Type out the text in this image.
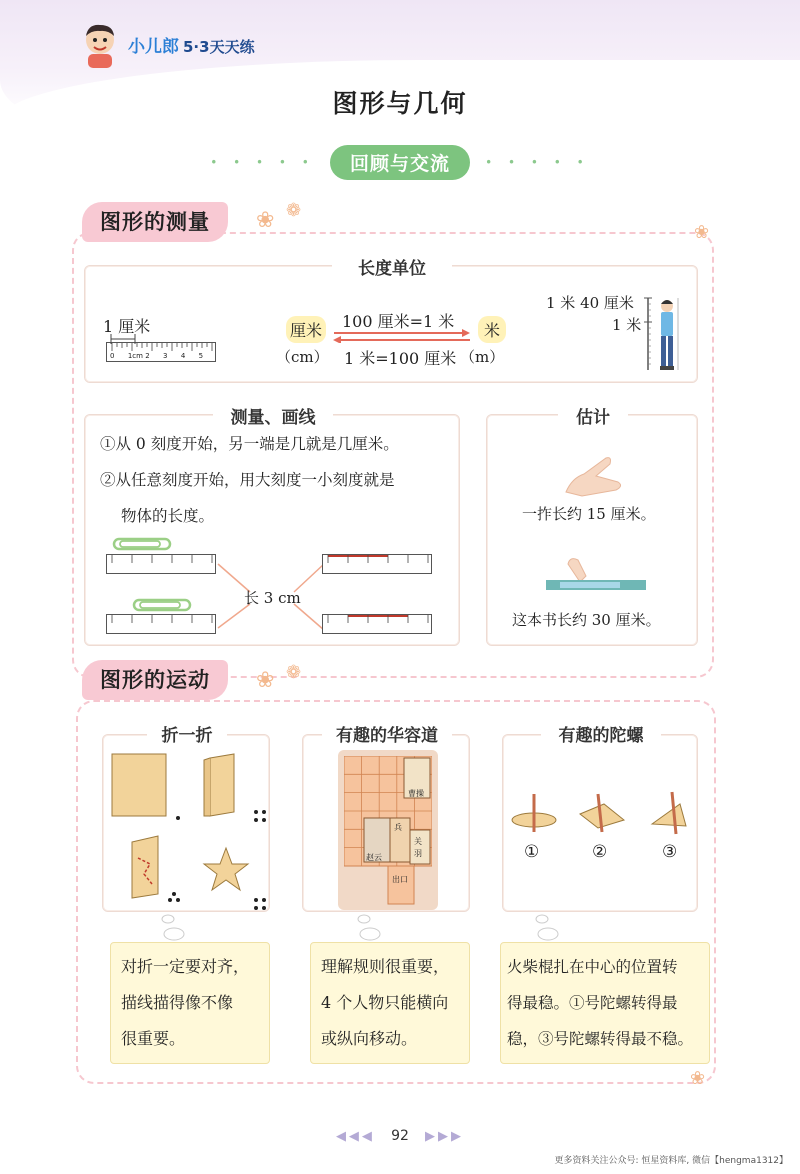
小儿郎 5·3天天练
图形与几何
• • • • • 回顾与交流	• • • • •
图形的测量	❀ ❁
❀
长度单位
1 厘米
0 1cm 2 3 4 5
厘米
（cm）
100 厘米=1 米
1 米=100 厘米
米
（m）
1 米 40 厘米
1 米
测量、画线
①从 0 刻度开始，另一端是几就是几厘米。
②从任意刻度开始，用大刻度一小刻度就是
物体的长度。
长 3 cm
估计
一拃长约 15 厘米。
这本书长约 30 厘米。
图形的运动	❀ ❁
❀
折一折	有趣的华容道
曹操
兵
赵云
关羽
出口
有趣的陀螺
①	②	③
对折一定要对齐，
描线描得像不像
很重要。
理解规则很重要，
4 个人物只能横向
或纵向移动。
火柴棍扎在中心的位置转
得最稳。①号陀螺转得最
稳，③号陀螺转得最不稳。
◀◀◀ 92 ▶▶▶
更多资料关注公众号: 恒星资料库, 微信【hengma1312】
